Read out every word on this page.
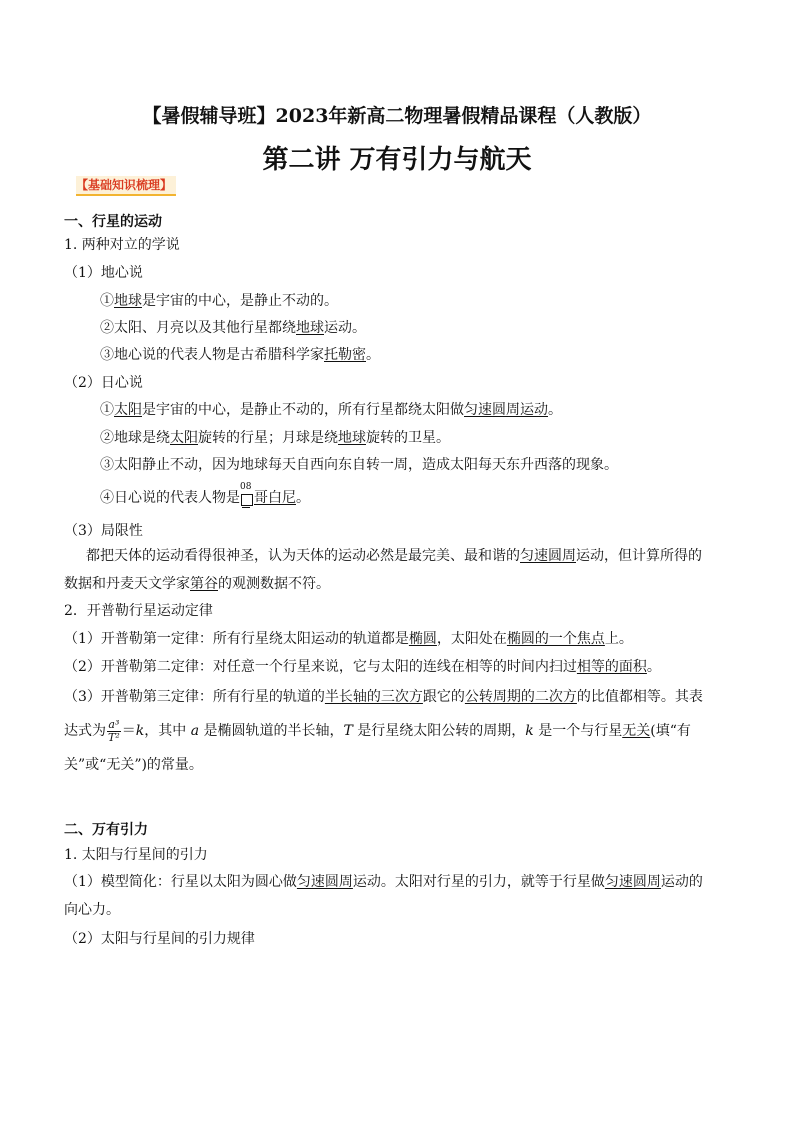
【暑假辅导班】2023年新高二物理暑假精品课程（人教版）
第二讲 万有引力与航天
【基础知识梳理】
一、行星的运动
1. 两种对立的学说
（1）地心说
①地球是宇宙的中心，是静止不动的。
②太阳、月亮以及其他行星都绕地球运动。
③地心说的代表人物是古希腊科学家托勒密。
（2）日心说
①太阳是宇宙的中心，是静止不动的，所有行星都绕太阳做匀速圆周运动。
②地球是绕太阳旋转的行星；月球是绕地球旋转的卫星。
③太阳静止不动，因为地球每天自西向东自转一周，造成太阳每天东升西落的现象。
④日心说的代表人物是
08
哥白尼。
（3）局限性
都把天体的运动看得很神圣，认为天体的运动必然是最完美、最和谐的匀速圆周运动，但计算所得的数据和丹麦天文学家第谷的观测数据不符。
2．开普勒行星运动定律
（1）开普勒第一定律：所有行星绕太阳运动的轨道都是椭圆，太阳处在椭圆的一个焦点上。
（2）开普勒第二定律：对任意一个行星来说，它与太阳的连线在相等的时间内扫过相等的面积。
（3）开普勒第三定律：所有行星的轨道的半长轴的三次方跟它的公转周期的二次方的比值都相等。其表达式为 $\frac{\text{a³}}{\text{T²}} =k$，其中 a 是椭圆轨道的半长轴，T 是行星绕太阳公转的周期，k 是一个与行星无关(填“有关”或“无关”)的常量。
二、万有引力
1. 太阳与行星间的引力
（1）模型简化：行星以太阳为圆心做匀速圆周运动。太阳对行星的引力，就等于行星做匀速圆周运动的向心力。
（2）太阳与行星间的引力规律
